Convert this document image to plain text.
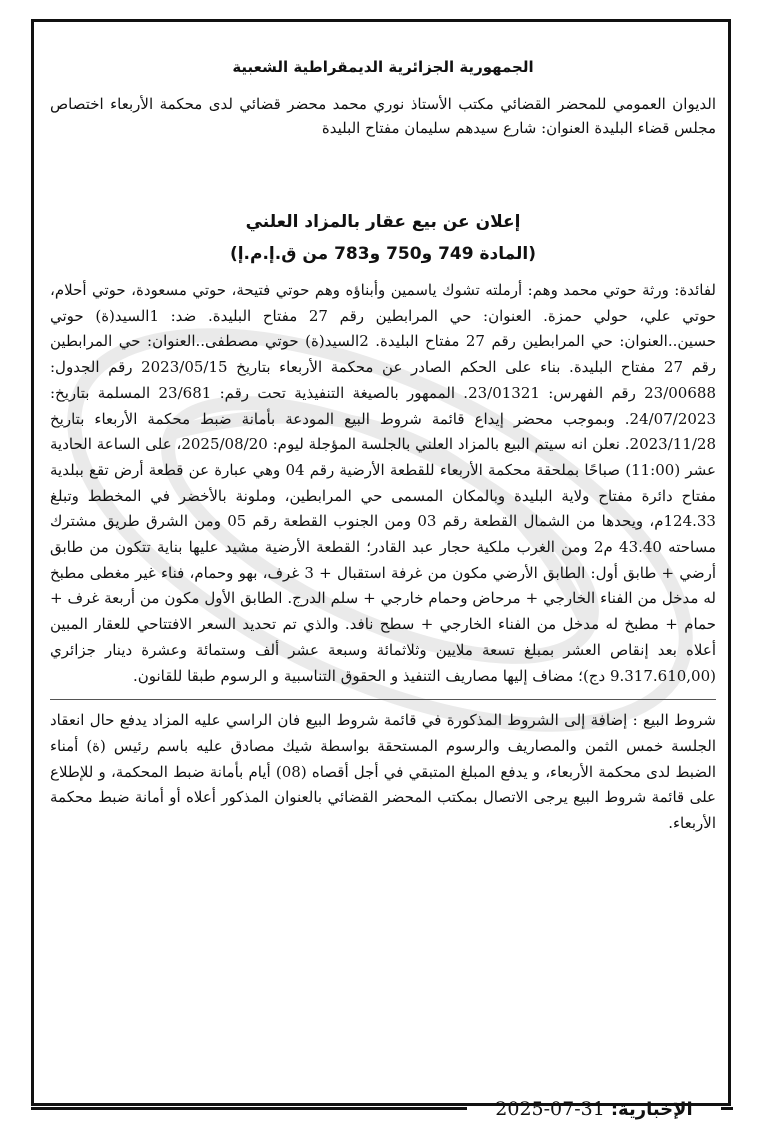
الجمهورية الجزائرية الديمقراطية الشعبية

الديوان العمومي للمحضر القضائي مكتب الأستاذ نوري محمد محضر قضائي لدى محكمة الأربعاء اختصاص مجلس قضاء البليدة العنوان: شارع سيدهم سليمان مفتاح البليدة

إعلان عن بيع عقار بالمزاد العلني

(المادة 749 و750 و783 من ق.إ.م.إ)

لفائدة: ورثة حوتي محمد وهم: أرملته تشوك ياسمين وأبناؤه وهم حوتي فتيحة، حوتي مسعودة، حوتي أحلام، حوتي علي، حولي حمزة. العنوان: حي المرابطين رقم 27 مفتاح البليدة. ضد: 1السيد(ة) حوتي حسين..العنوان: حي المرابطين رقم 27 مفتاح البليدة. 2السيد(ة) حوتي مصطفى..العنوان: حي المرابطين رقم 27 مفتاح البليدة. بناء على الحكم الصادر عن محكمة الأربعاء بتاريخ 2023/05/15 رقم الجدول: 23/00688 رقم الفهرس: 23/01321. الممهور بالصيغة التنفيذية تحت رقم: 23/681 المسلمة بتاريخ: 24/07/2023. وبموجب محضر إيداع قائمة شروط البيع المودعة بأمانة ضبط محكمة الأربعاء بتاريخ 2023/11/28. نعلن انه سيتم البيع بالمزاد العلني بالجلسة المؤجلة ليوم: 2025/08/20، على الساعة الحادية عشر (11:00) صباحًا بملحقة محكمة الأربعاء للقطعة الأرضية رقم 04 وهي عبارة عن قطعة أرض تقع ببلدية مفتاح دائرة مفتاح ولاية البليدة وبالمكان المسمى حي المرابطين، وملونة بالأخضر في المخطط وتبلغ 124.33م، ويحدها من الشمال القطعة رقم 03 ومن الجنوب القطعة رقم 05 ومن الشرق طريق مشترك مساحته 43.40 م2 ومن الغرب ملكية حجار عبد القادر؛ القطعة الأرضية مشيد عليها بناية تتكون من طابق أرضي + طابق أول: الطابق الأرضي مكون من غرفة استقبال + 3 غرف، بهو وحمام، فناء غير مغطى مطبخ له مدخل من الفناء الخارجي + مرحاض وحمام خارجي + سلم الدرج. الطابق الأول مكون من أربعة غرف + حمام + مطبخ له مدخل من الفناء الخارجي + سطح نافد. والذي تم تحديد السعر الافتتاحي للعقار المبين أعلاه بعد إنقاص العشر بمبلغ تسعة ملايين وثلاثمائة وسبعة عشر ألف وستمائة وعشرة دينار جزائري (9.317.610,00 دج)؛ مضاف إليها مصاريف التنفيذ و الحقوق التناسبية و الرسوم طبقا للقانون.

شروط البيع : إضافة إلى الشروط المذكورة في قائمة شروط البيع فان الراسي عليه المزاد يدفع حال انعقاد الجلسة خمس الثمن والمصاريف والرسوم المستحقة بواسطة شيك مصادق عليه باسم رئيس (ة) أمناء الضبط لدى محكمة الأربعاء، و يدفع المبلغ المتبقي في أجل أقصاه (08) أيام بأمانة ضبط المحكمة، و للإطلاع على قائمة شروط البيع يرجى الاتصال بمكتب المحضر القضائي بالعنوان المذكور أعلاه أو أمانة ضبط محكمة الأربعاء.

الإخبارية:
2025-07-31
